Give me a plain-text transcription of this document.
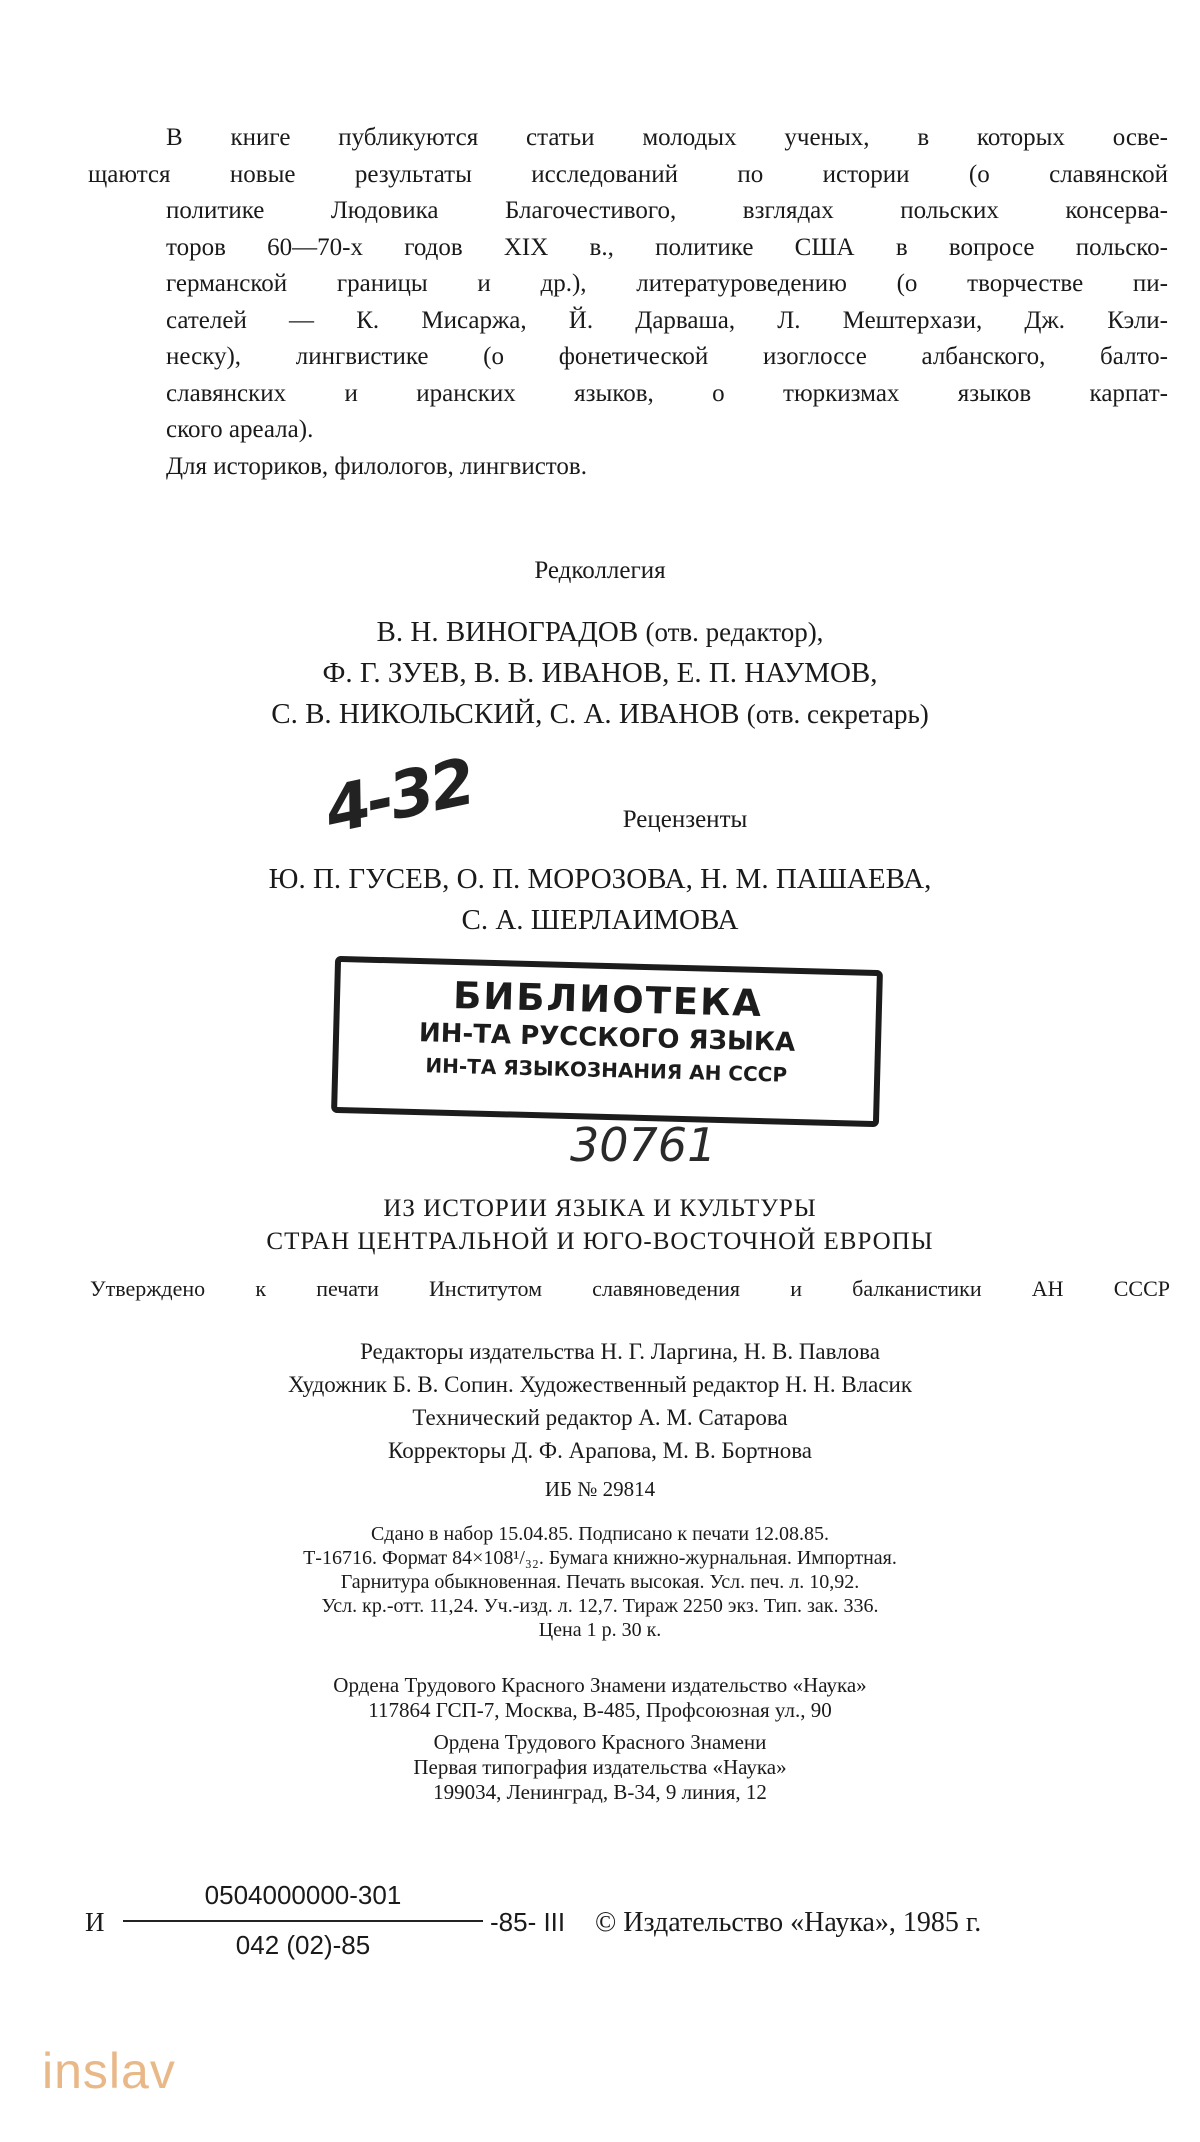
В книге публикуются статьи молодых ученых, в которых осве-
щаются новые результаты исследований по истории (о славянской
политике Людовика Благочестивого, взглядах польских консерва-
торов 60—70-х годов XIX в., политике США в вопросе польско-
германской границы и др.), литературоведению (о творчестве пи-
сателей — К. Мисаржа, Й. Дарваша, Л. Мештерхази, Дж. Кэли-
неску), лингвистике (о фонетической изоглоссе албанского, балто-
славянских и иранских языков, о тюркизмах языков карпат-
ского ареала).

Для историков, филологов, лингвистов.

Редколлегия
В. Н. ВИНОГРАДОВ (отв. редактор),
Ф. Г. ЗУЕВ, В. В. ИВАНОВ, Е. П. НАУМОВ,
С. В. НИКОЛЬСКИЙ, С. А. ИВАНОВ (отв. секретарь)
4-32	Рецензенты
Ю. П. ГУСЕВ, О. П. МОРОЗОВА, Н. М. ПАШАЕВА,
С. А. ШЕРЛАИМОВА
БИБЛИОТЕКА
ИН-ТА РУССКОГО ЯЗЫКА
ИН-ТА ЯЗЫКОЗНАНИЯ АН СССР
30761
ИЗ ИСТОРИИ ЯЗЫКА И КУЛЬТУРЫ
СТРАН ЦЕНТРАЛЬНОЙ И ЮГО-ВОСТОЧНОЙ ЕВРОПЫ
Утверждено к печати Институтом славяноведения и балканистики АН СССР
Редакторы издательства Н. Г. Ларгина, Н. В. Павлова
Художник Б. В. Сопин. Художественный редактор Н. Н. Власик
Технический редактор А. М. Сатарова
Корректоры Д. Ф. Арапова, М. В. Бортнова
ИБ № 29814
Сдано в набор 15.04.85. Подписано к печати 12.08.85.
Т-16716. Формат 84×108¹/₃₂. Бумага книжно-журнальная. Импортная.
Гарнитура обыкновенная. Печать высокая. Усл. печ. л. 10,92.
Усл. кр.-отт. 11,24. Уч.-изд. л. 12,7. Тираж 2250 экз. Тип. зак. 336.
Цена 1 р. 30 к.
Ордена Трудового Красного Знамени издательство «Наука»
117864 ГСП-7, Москва, В-485, Профсоюзная ул., 90
Ордена Трудового Красного Знамени
Первая типография издательства «Наука»
199034, Ленинград, В-34, 9 линия, 12
И
0504000000-301
042 (02)-85
-85- III © Издательство «Наука», 1985 г.
inslav
